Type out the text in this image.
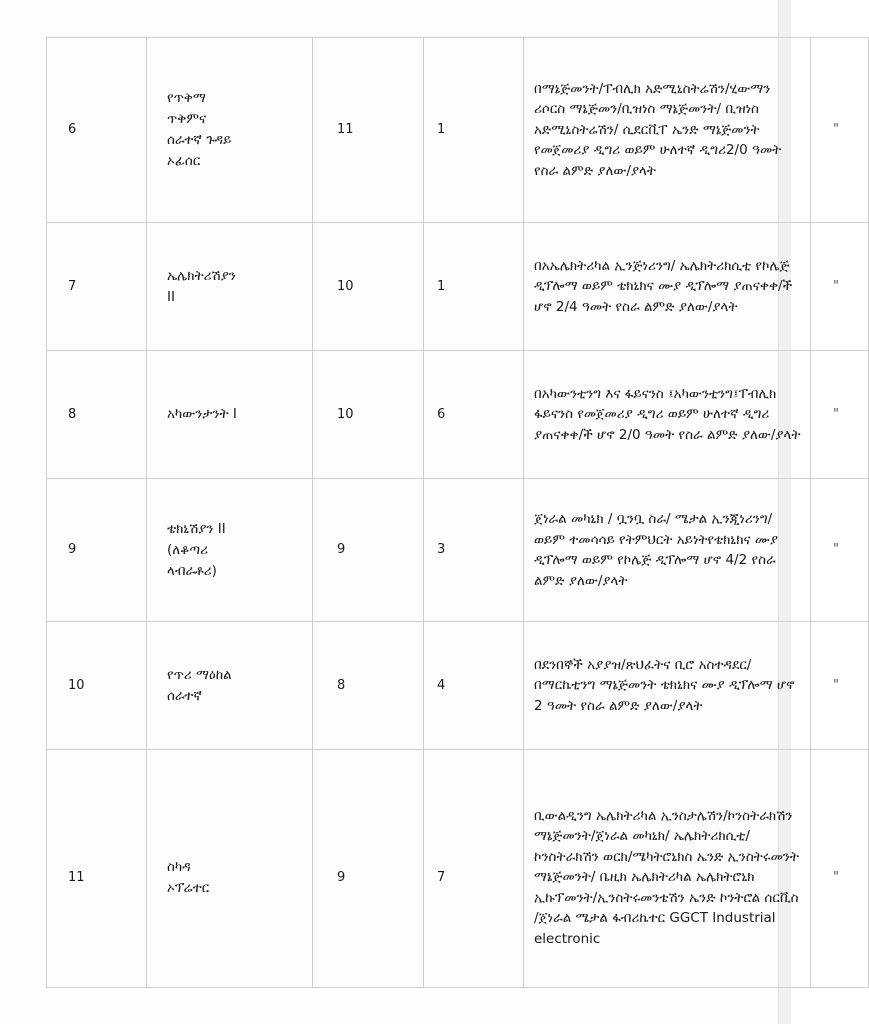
6	የጥቅማ
ጥቅምና
ሰራተኛ ጉዳይ
ኦፊሰር	11	1	በማኔጅመንት/ፐብሊክ አድሚኒስትሬሽን/ሂውማን ሪሶርስ ማኔጅመን/ቢዝነስ ማኔጅመንት/ ቢዝነስ አድሚኒስትሬሽን/ ሲደርቪፐ ኤንድ ማኔጅመንት የመጀመሪያ ዲግሪ ወይም ሁለተኛ ዲግሪ2/0 ዓመት የስራ ልምድ ያለው/ያላት	"
7	ኤሌክትሪሽያን
II	10	1	በአኤሌክትሪካል ኢንጅነሪንግ/ ኤሌክትሪክሲቲ የኮሌጅ ዲፕሎማ ወይም ቴክኒክና ሙያ ዲፕሎማ ያጠናቀቀ/ች ሆኖ 2/4 ዓመት የስራ ልምድ ያለው/ያላት	"
8	አካውንታንት I	10	6	በአካውንቲንግ እና ፋይናንስ ፤አካውንቲንግ፤ፐብሊክ ፋይናንስ የመጀመሪያ ዲግሪ ወይም ሁለተኛ ዲግሪ ያጠናቀቀ/ች ሆኖ 2/0 ዓመት የስራ ልምድ ያለው/ያላት	"
9	ቴክኒሽያን II
(ለቆጣሪ
ላብራቶሪ)	9	3	ጀነራል መካኒክ / ቧንቧ ስራ/ ሜታል ኢንጂነሪንግ/ ወይም ተመሳሳይ የትምህርት አይነትየቴክኒክና ሙያ ዲፕሎማ ወይም የኮሌጅ ዲፕሎማ ሆኖ 4/2 የስራ ልምድ ያለው/ያላት	"
10	የጥሪ ማዕከል
ሰራተኛ	8	4	በደንበኞች አያያዝ/ጽህፈትና ቢሮ አስተዳደር/በማርኬቲንግ ማኔጅመንት ቴክኒክና ሙያ ዲፕሎማ ሆኖ 2 ዓመት የስራ ልምድ ያለው/ያላት	"
11	ስካዳ
ኦፕሬተር	9	7	ቢውልዲንግ ኤሌክትሪካል ኢንስታሌሽን/ኮንስትራክሽን ማኔጅመንት/ጀነራል መካኒክ/ ኤሌክትሪክሲቲ/ኮንስትራክሽን ወርክ/ሜካትሮኒክስ ኤንድ ኢንስትሩመንት ማኔጅመንት/ ቤዚክ ኤሌክትሪካል ኤሌክትሮኒክ ኢኩፕመንት/ኢንስትሩመንቴሽን ኤንድ ኮንትሮል ሰርቪስ /ጀነራል ሜታል ፋብሪኬተር GGCT Industrial electronic	"
